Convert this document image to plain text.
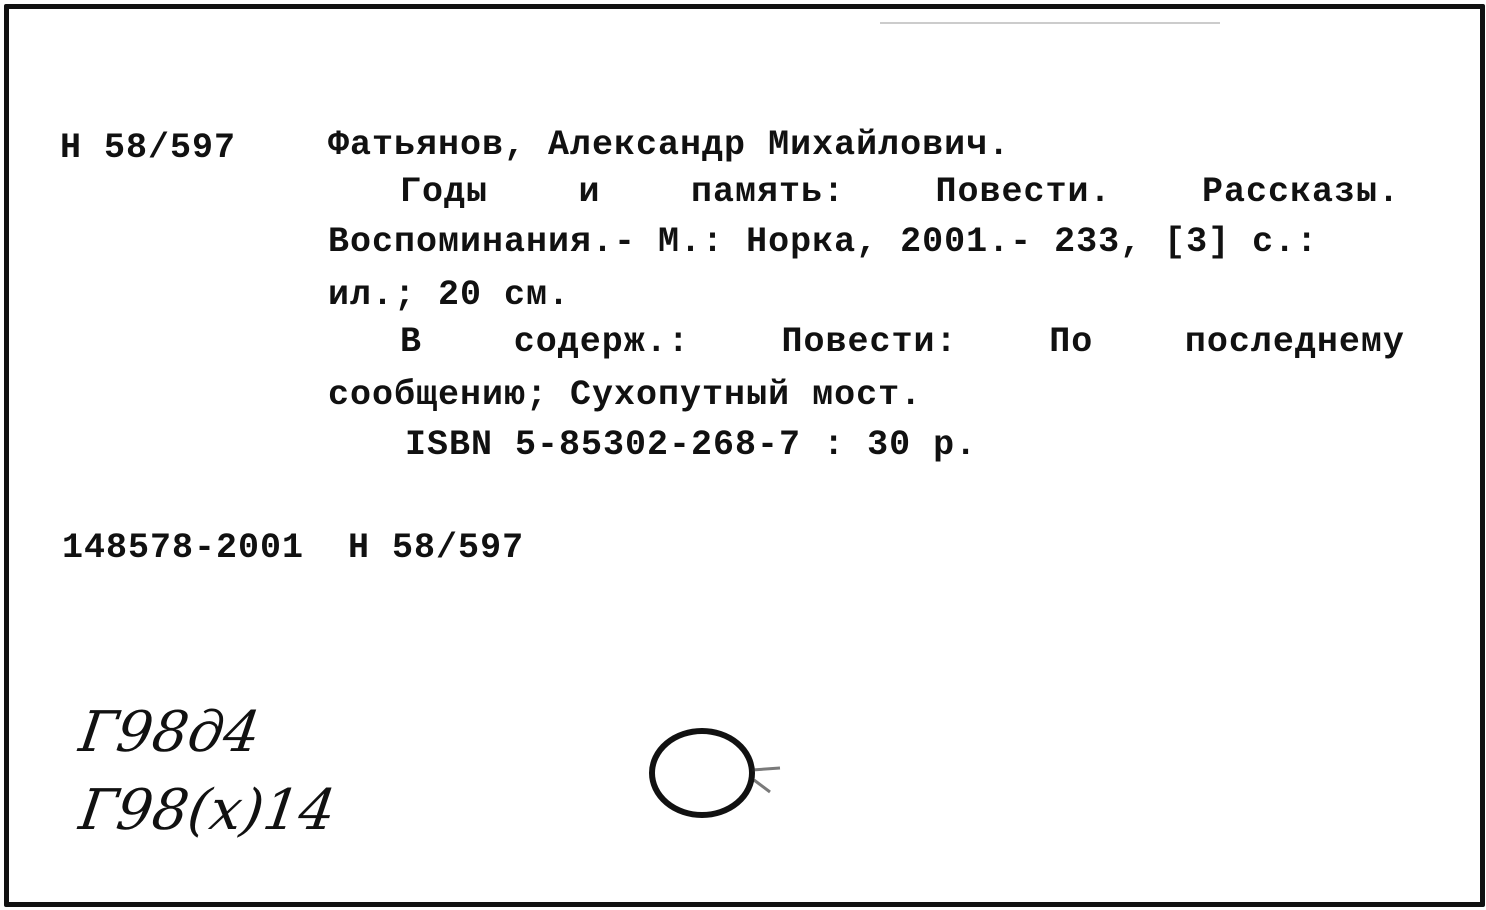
Н 58/597	Фатьянов, Александр Михайлович.
Годы	и	память:	Повести.	Рассказы.
Воспоминания.- М.: Норка, 2001.- 233, [3] с.:
ил.; 20 см.
В	содерж.:	Повести:	По	последнему
сообщению; Сухопутный мост.
ISBN 5-85302-268-7 : 30 р.
148578-2001  Н 58/597
Г98д4
Г98(х)14
